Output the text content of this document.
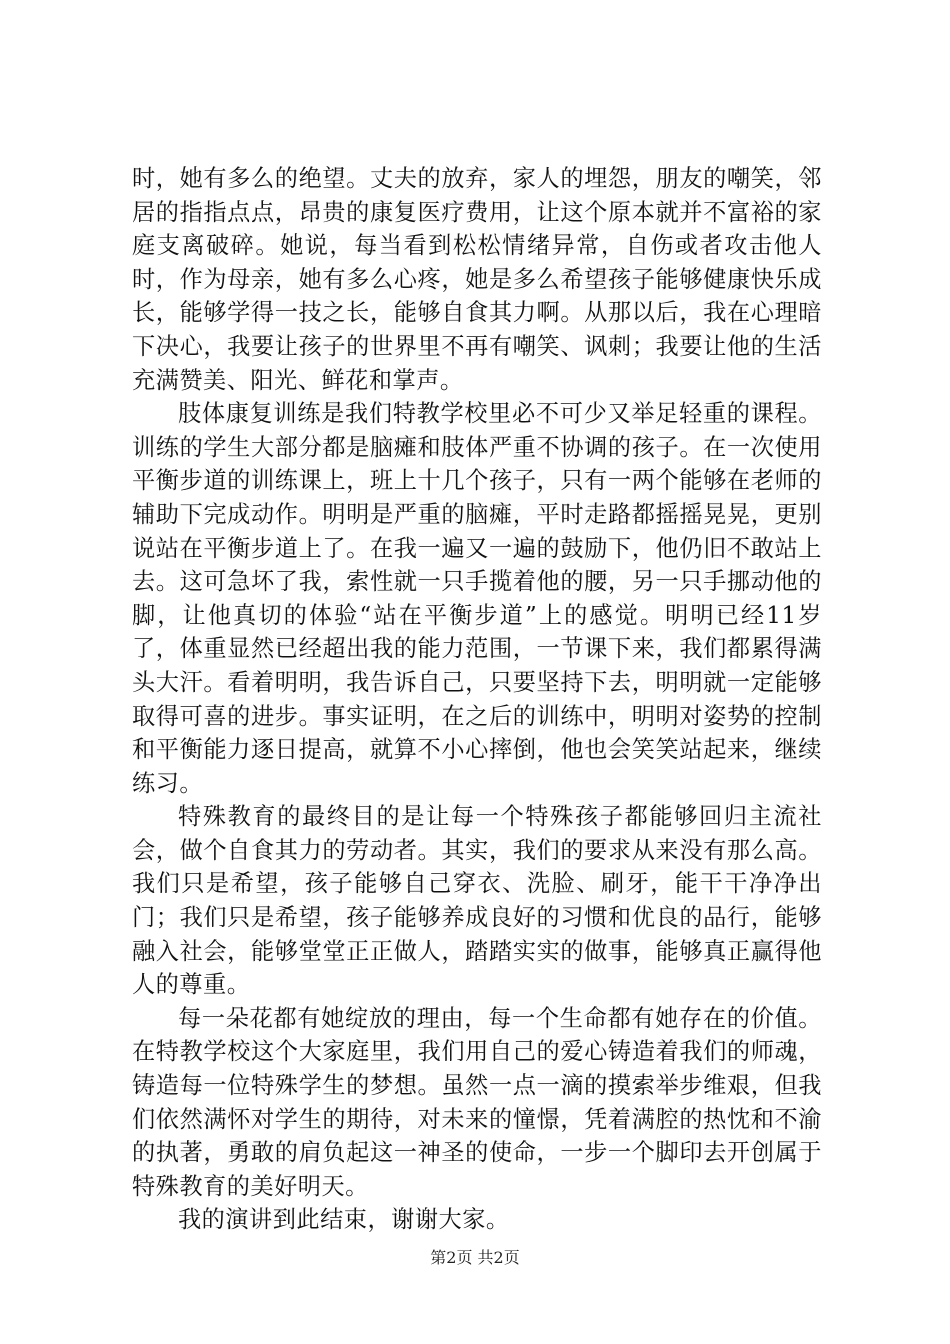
时，她有多么的绝望。丈夫的放弃，家人的埋怨，朋友的嘲笑，邻居的指指点点，昂贵的康复医疗费用，让这个原本就并不富裕的家庭支离破碎。她说，每当看到松松情绪异常，自伤或者攻击他人时，作为母亲，她有多么心疼，她是多么希望孩子能够健康快乐成长，能够学得一技之长，能够自食其力啊。从那以后，我在心理暗下决心，我要让孩子的世界里不再有嘲笑、讽刺；我要让他的生活充满赞美、阳光、鲜花和掌声。

肢体康复训练是我们特教学校里必不可少又举足轻重的课程。训练的学生大部分都是脑瘫和肢体严重不协调的孩子。在一次使用平衡步道的训练课上，班上十几个孩子，只有一两个能够在老师的辅助下完成动作。明明是严重的脑瘫，平时走路都摇摇晃晃，更别说站在平衡步道上了。在我一遍又一遍的鼓励下，他仍旧不敢站上去。这可急坏了我，索性就一只手揽着他的腰，另一只手挪动他的脚，让他真切的体验“站在平衡步道”上的感觉。明明已经11岁了，体重显然已经超出我的能力范围，一节课下来，我们都累得满头大汗。看着明明，我告诉自己，只要坚持下去，明明就一定能够取得可喜的进步。事实证明，在之后的训练中，明明对姿势的控制和平衡能力逐日提高，就算不小心摔倒，他也会笑笑站起来，继续练习。

特殊教育的最终目的是让每一个特殊孩子都能够回归主流社会，做个自食其力的劳动者。其实，我们的要求从来没有那么高。我们只是希望，孩子能够自己穿衣、洗脸、刷牙，能干干净净出门；我们只是希望，孩子能够养成良好的习惯和优良的品行，能够融入社会，能够堂堂正正做人，踏踏实实的做事，能够真正赢得他人的尊重。

每一朵花都有她绽放的理由，每一个生命都有她存在的价值。在特教学校这个大家庭里，我们用自己的爱心铸造着我们的师魂，铸造每一位特殊学生的梦想。虽然一点一滴的摸索举步维艰，但我们依然满怀对学生的期待，对未来的憧憬，凭着满腔的热忱和不渝的执著，勇敢的肩负起这一神圣的使命，一步一个脚印去开创属于特殊教育的美好明天。

我的演讲到此结束，谢谢大家。

第2页 共2页
